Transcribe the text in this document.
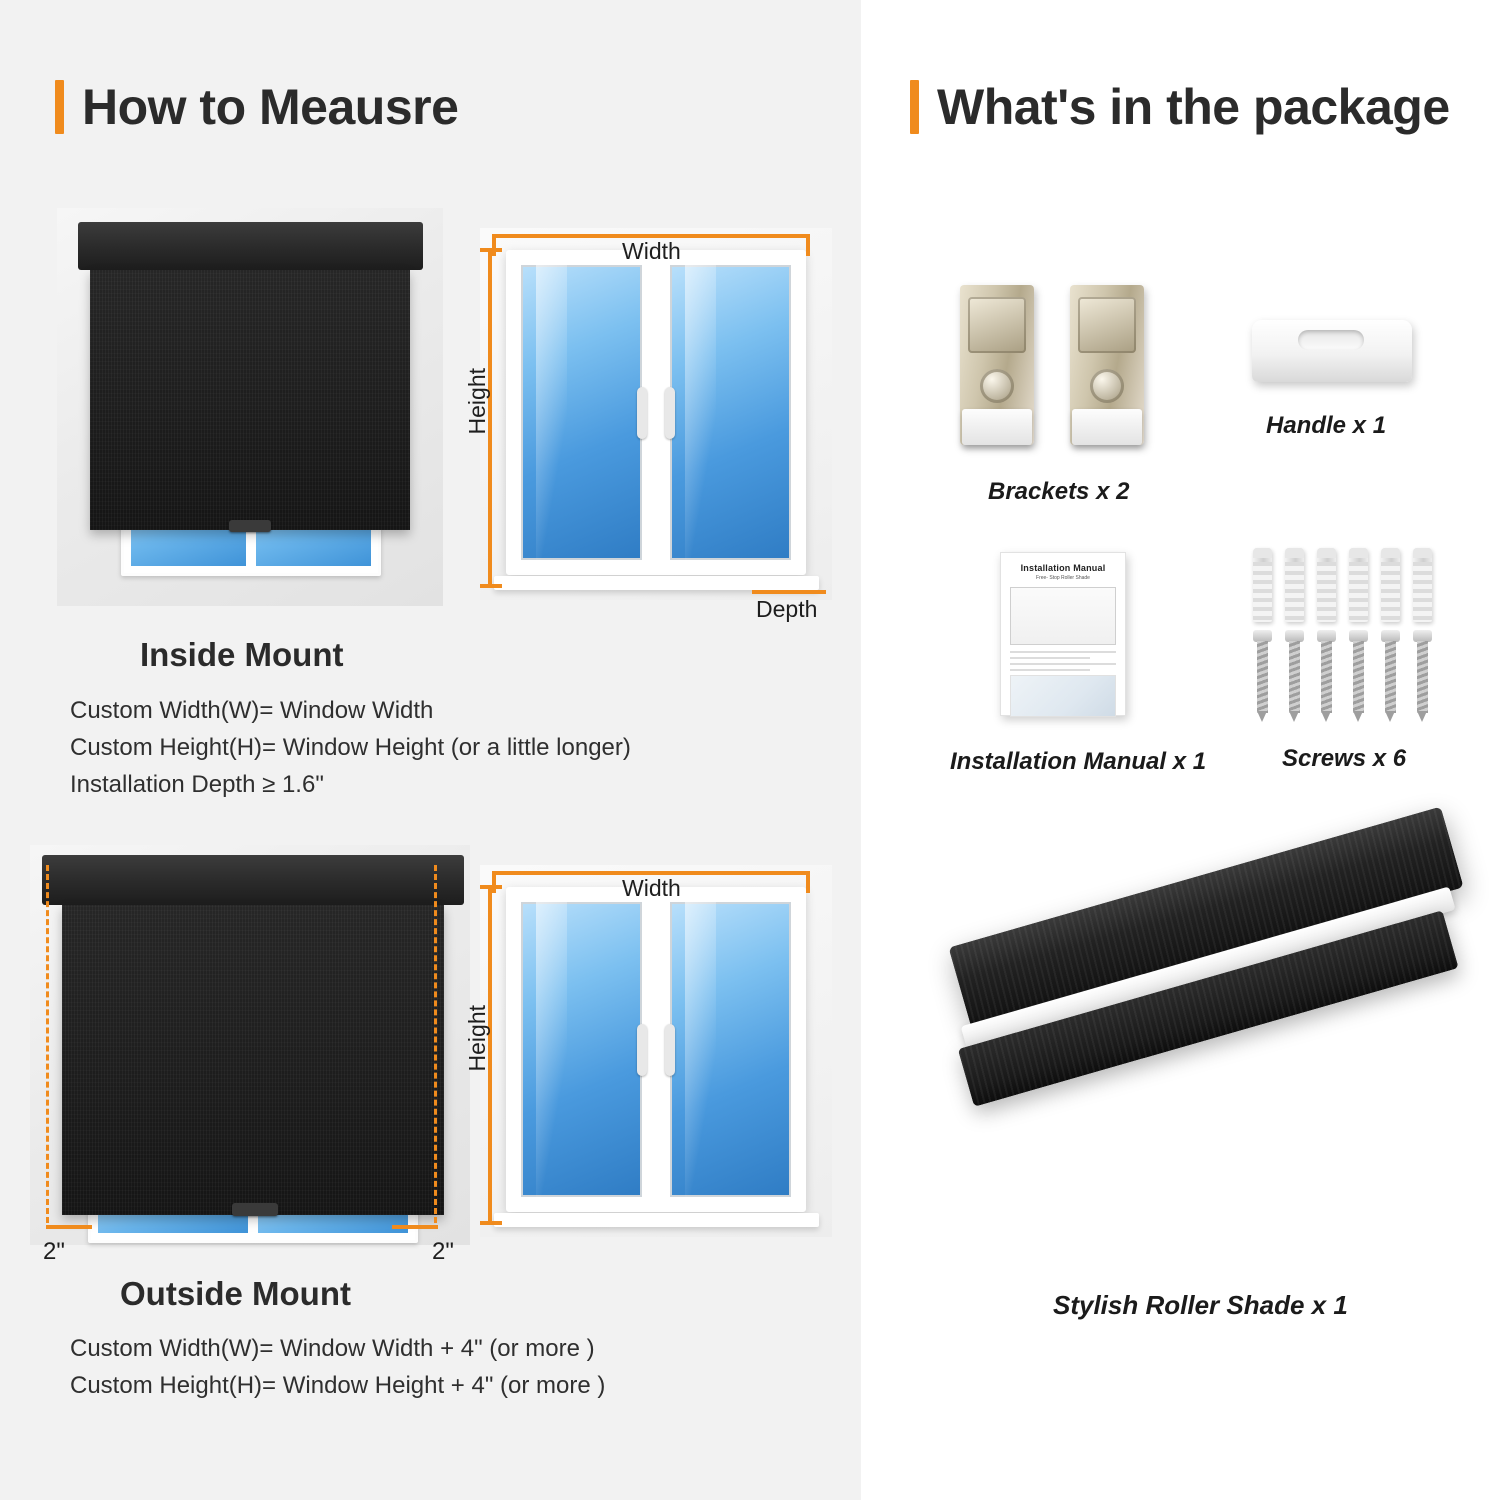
How to Meausre
Width
Height
Depth
Inside Mount
Custom Width(W)= Window Width
Custom Height(H)= Window Height (or a little longer)
Installation Depth ≥ 1.6"
2"	2"
Width
Height
Outside Mount
Custom Width(W)= Window Width + 4" (or more )
Custom Height(H)= Window Height + 4" (or more )
What's in the package
Brackets x 2
Handle x 1
Installation Manual
Free- Stop Roller Shade
Installation Manual x 1	Screws x 6
Stylish Roller Shade x 1
